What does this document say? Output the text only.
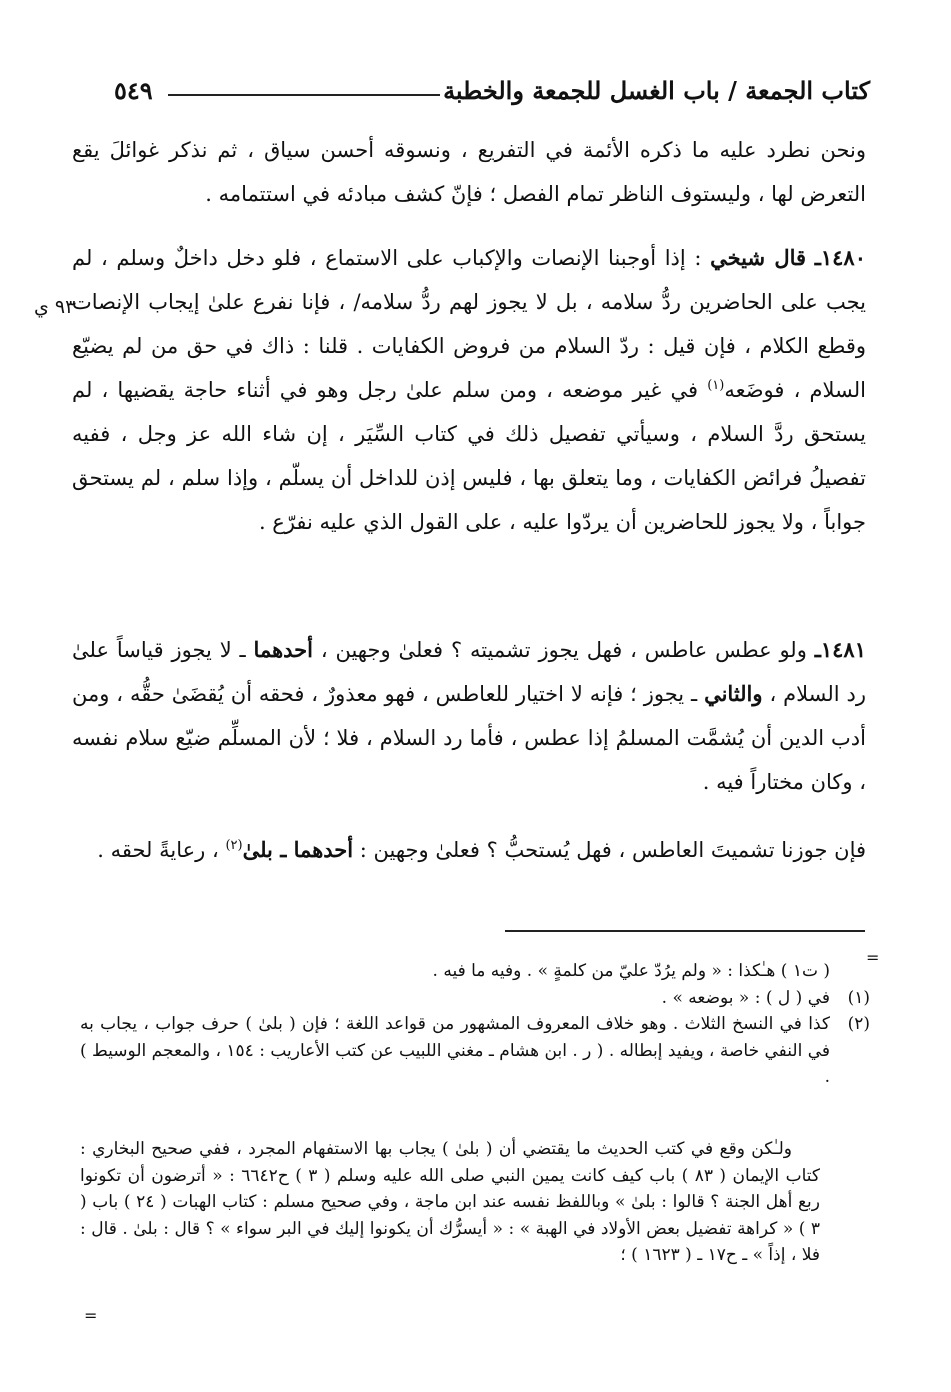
كتاب الجمعة / باب الغسل للجمعة والخطبة
٥٤٩
٩٣ ي

ونحن نطرد عليه ما ذكره الأئمة في التفريع ، ونسوقه أحسن سياق ، ثم نذكر غوائلَ يقع التعرض لها ، وليستوف الناظر تمام الفصل ؛ فإنّ كشف مبادئه في استتمامه .

١٤٨٠ـ قال شيخي : إذا أوجبنا الإنصات والإكباب على الاستماع ، فلو دخل داخلٌ وسلم ، لم يجب على الحاضرين ردُّ سلامه ، بل لا يجوز لهم ردُّ سلامه/ ، فإنا نفرع علىٰ إيجاب الإنصات وقطع الكلام ، فإن قيل : ردّ السلام من فروض الكفايات . قلنا : ذاك في حق من لم يضيّع السلام ، فوضَعه$^{(١)}$ في غير موضعه ، ومن سلم علىٰ رجل وهو في أثناء حاجة يقضيها ، لم يستحق ردَّ السلام ، وسيأتي تفصيل ذلك في كتاب السِّيَر ، إن شاء الله عز وجل ، ففيه تفصيلُ فرائض الكفايات ، وما يتعلق بها ، فليس إذن للداخل أن يسلّم ، وإذا سلم ، لم يستحق جواباً ، ولا يجوز للحاضرين أن يردّوا عليه ، على القول الذي عليه نفرّع .

١٤٨١ـ ولو عطس عاطس ، فهل يجوز تشميته ؟ فعلىٰ وجهين ، أحدهما ـ لا يجوز قياساً علىٰ رد السلام ، والثاني ـ يجوز ؛ فإنه لا اختيار للعاطس ، فهو معذورٌ ، فحقه أن يُقضَىٰ حقُّه ، ومن أدب الدين أن يُشمَّت المسلمُ إذا عطس ، فأما رد السلام ، فلا ؛ لأن المسلِّم ضيّع سلام نفسه ، وكان مختاراً فيه .

فإن جوزنا تشميتَ العاطس ، فهل يُستحبُّ ؟ فعلىٰ وجهين : أحدهما ـ بلىٰ$^{(٢)}$ ، رعايةً لحقه .

=
( ت١ ) هـٰكذا : « ولم يرُدّ عليّ من كلمةٍ » . وفيه ما فيه .
(١)
في ( ل ) : « بوضعه » .
(٢)
كذا في النسخ الثلاث . وهو خلاف المعروف المشهور من قواعد اللغة ؛ فإن ( بلىٰ ) حرف جواب ، يجاب به في النفي خاصة ، ويفيد إبطاله . ( ر . ابن هشام ـ مغني اللبيب عن كتب الأعاريب : ١٥٤ ، والمعجم الوسيط ) .
ولـٰكن وقع في كتب الحديث ما يقتضي أن ( بلىٰ ) يجاب بها الاستفهام المجرد ، ففي صحيح البخاري : كتاب الإيمان ( ٨٣ ) باب كيف كانت يمين النبي صلى الله عليه وسلم ( ٣ ) ح٦٦٤٢ : « أترضون أن تكونوا ربع أهل الجنة ؟ قالوا : بلىٰ » وباللفظ نفسه عند ابن ماجة ، وفي صحيح مسلم : كتاب الهبات ( ٢٤ ) باب ( ٣ ) « كراهة تفضيل بعض الأولاد في الهبة » : « أيسرُّك أن يكونوا إليك في البر سواء » ؟ قال : بلىٰ . قال : فلا ، إذاً » ـ ح١٧ ـ ( ١٦٢٣ ) ؛
=
